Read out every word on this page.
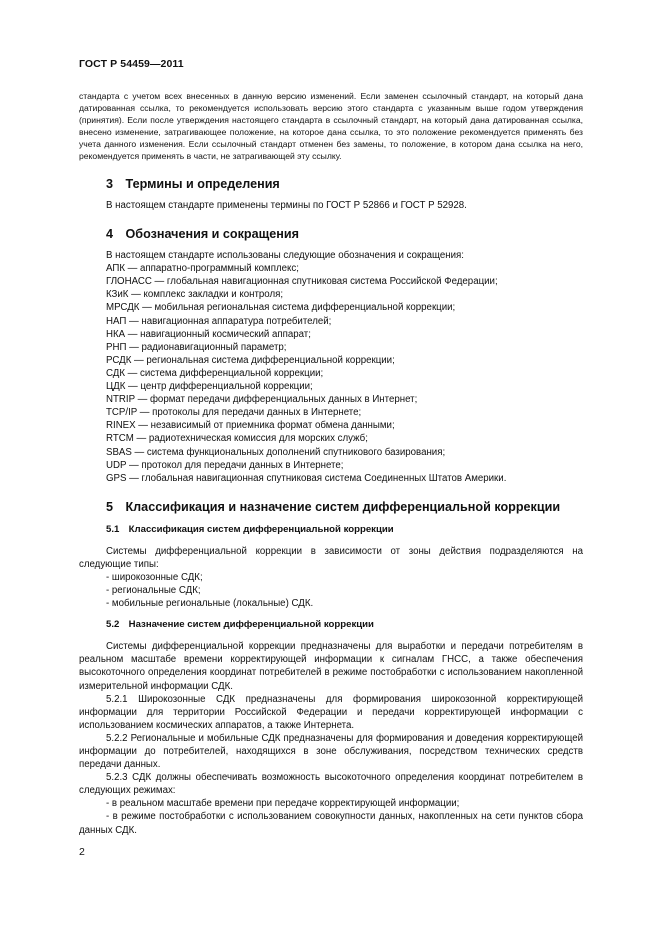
ГОСТ Р 54459—2011

стандарта с учетом всех внесенных в данную версию изменений. Если заменен ссылочный стандарт, на который дана датированная ссылка, то рекомендуется использовать версию этого стандарта с указанным выше годом утверждения (принятия). Если после утверждения настоящего стандарта в ссылочный стандарт, на который дана датированная ссылка, внесено изменение, затрагивающее положение, на которое дана ссылка, то это положение рекомендуется применять без учета данного изменения. Если ссылочный стандарт отменен без замены, то положение, в котором дана ссылка на него, рекомендуется применять в части, не затрагивающей эту ссылку.

3 Термины и определения

В настоящем стандарте применены термины по ГОСТ Р 52866 и ГОСТ Р 52928.

4 Обозначения и сокращения

В настоящем стандарте использованы следующие обозначения и сокращения:

АПК — аппаратно-программный комплекс;

ГЛОНАСС — глобальная навигационная спутниковая система Российской Федерации;

КЗиК — комплекс закладки и контроля;

МРСДК — мобильная региональная система дифференциальной коррекции;

НАП — навигационная аппаратура потребителей;

НКА — навигационный космический аппарат;

РНП — радионавигационный параметр;

РСДК — региональная система дифференциальной коррекции;

СДК — система дифференциальной коррекции;

ЦДК — центр дифференциальной коррекции;

NTRIP — формат передачи дифференциальных данных в Интернет;

TCP/IP — протоколы для передачи данных в Интернете;

RINEX — независимый от приемника формат обмена данными;

RTCM — радиотехническая комиссия для морских служб;

SBAS — система функциональных дополнений спутникового базирования;

UDP — протокол для передачи данных в Интернете;

GPS — глобальная навигационная спутниковая система Соединенных Штатов Америки.

5 Классификация и назначение систем дифференциальной коррекции
5.1 Классификация систем дифференциальной коррекции

Системы дифференциальной коррекции в зависимости от зоны действия подразделяются на следующие типы:

- широкозонные СДК;

- региональные СДК;

- мобильные региональные (локальные) СДК.

5.2 Назначение систем дифференциальной коррекции

Системы дифференциальной коррекции предназначены для выработки и передачи потребителям в реальном масштабе времени корректирующей информации к сигналам ГНСС, а также обеспечения высокоточного определения координат потребителей в режиме постобработки с использованием накопленной измерительной информации СДК.

5.2.1 Широкозонные СДК предназначены для формирования широкозонной корректирующей информации для территории Российской Федерации и передачи корректирующей информации с использованием космических аппаратов, а также Интернета.

5.2.2 Региональные и мобильные СДК предназначены для формирования и доведения корректирующей информации до потребителей, находящихся в зоне обслуживания, посредством технических средств передачи данных.

5.2.3 СДК должны обеспечивать возможность высокоточного определения координат потребителем в следующих режимах:

- в реальном масштабе времени при передаче корректирующей информации;

- в режиме постобработки с использованием совокупности данных, накопленных на сети пунктов сбора данных СДК.

2
